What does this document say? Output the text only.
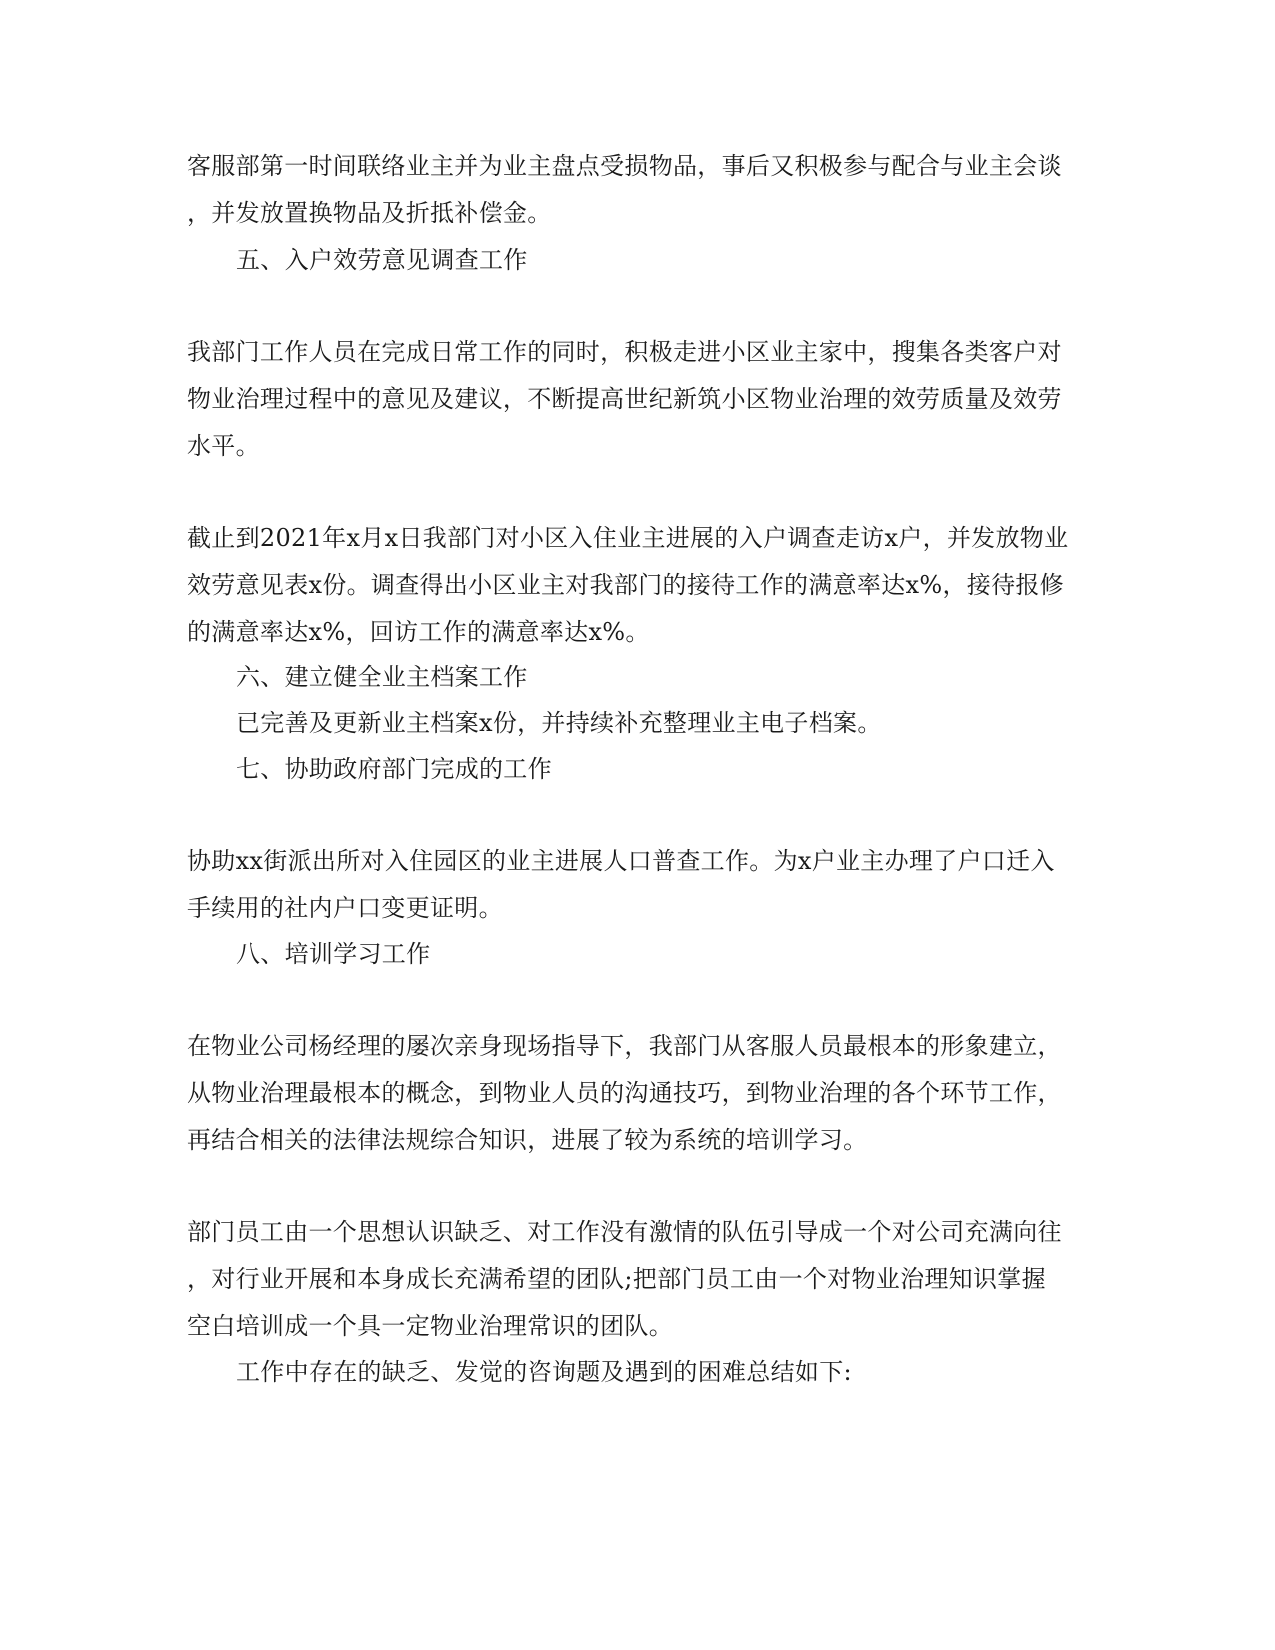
客服部第一时间联络业主并为业主盘点受损物品，事后又积极参与配合与业主会谈
，并发放置换物品及折抵补偿金。
五、入户效劳意见调查工作
我部门工作人员在完成日常工作的同时，积极走进小区业主家中，搜集各类客户对
物业治理过程中的意见及建议，不断提高世纪新筑小区物业治理的效劳质量及效劳
水平。
截止到2021年x月x日我部门对小区入住业主进展的入户调查走访x户，并发放物业
效劳意见表x份。调查得出小区业主对我部门的接待工作的满意率达x%，接待报修
的满意率达x%，回访工作的满意率达x%。
六、建立健全业主档案工作
已完善及更新业主档案x份，并持续补充整理业主电子档案。
七、协助政府部门完成的工作
协助xx街派出所对入住园区的业主进展人口普查工作。为x户业主办理了户口迁入
手续用的社内户口变更证明。
八、培训学习工作
在物业公司杨经理的屡次亲身现场指导下，我部门从客服人员最根本的形象建立，
从物业治理最根本的概念，到物业人员的沟通技巧，到物业治理的各个环节工作，
再结合相关的法律法规综合知识，进展了较为系统的培训学习。
部门员工由一个思想认识缺乏、对工作没有激情的队伍引导成一个对公司充满向往
，对行业开展和本身成长充满希望的团队;把部门员工由一个对物业治理知识掌握
空白培训成一个具一定物业治理常识的团队。
工作中存在的缺乏、发觉的咨询题及遇到的困难总结如下:
